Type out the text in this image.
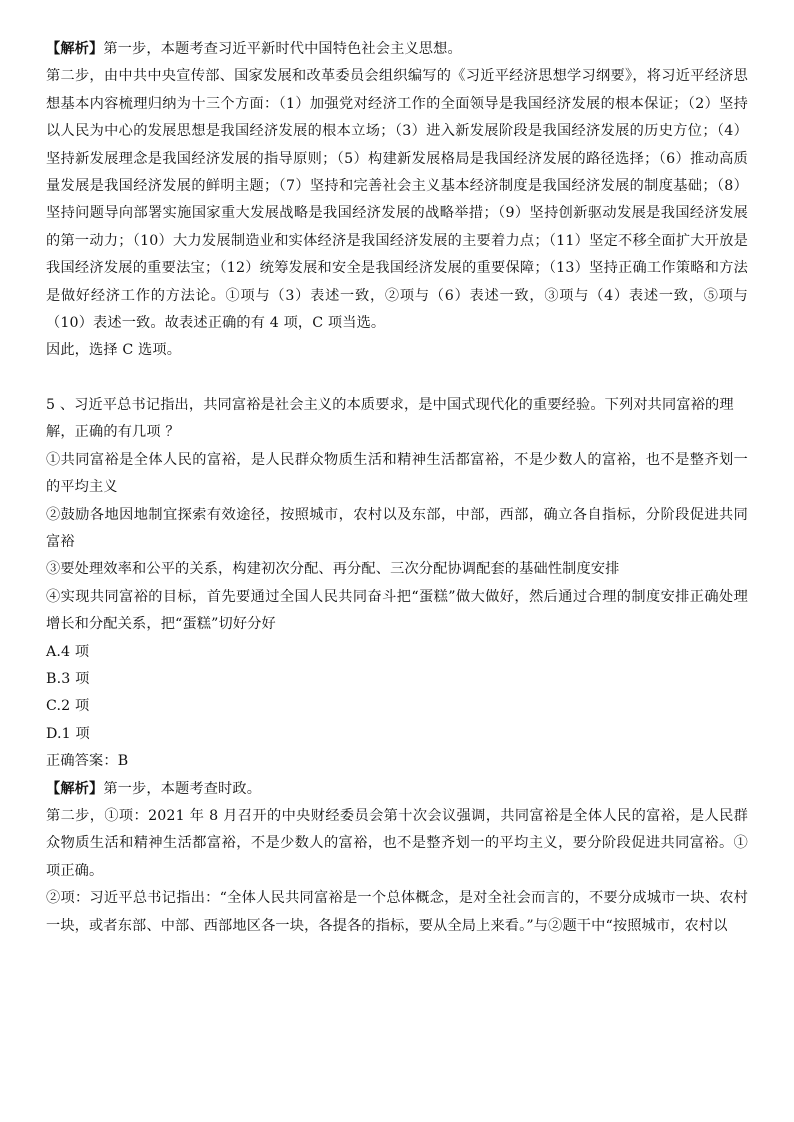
【解析】第一步，本题考查习近平新时代中国特色社会主义思想。

第二步，由中共中央宣传部、国家发展和改革委员会组织编写的《习近平经济思想学习纲要》，将习近平经济思想基本内容梳理归纳为十三个方面：（1）加强党对经济工作的全面领导是我国经济发展的根本保证；（2）坚持以人民为中心的发展思想是我国经济发展的根本立场；（3）进入新发展阶段是我国经济发展的历史方位；（4）坚持新发展理念是我国经济发展的指导原则；（5）构建新发展格局是我国经济发展的路径选择；（6）推动高质量发展是我国经济发展的鲜明主题；（7）坚持和完善社会主义基本经济制度是我国经济发展的制度基础；（8）坚持问题导向部署实施国家重大发展战略是我国经济发展的战略举措；（9）坚持创新驱动发展是我国经济发展的第一动力；（10）大力发展制造业和实体经济是我国经济发展的主要着力点；（11）坚定不移全面扩大开放是我国经济发展的重要法宝；（12）统筹发展和安全是我国经济发展的重要保障；（13）坚持正确工作策略和方法是做好经济工作的方法论。①项与（3）表述一致，②项与（6）表述一致，③项与（4）表述一致，⑤项与（10）表述一致。故表述正确的有 4 项，C 项当选。

因此，选择 C 选项。

5 、习近平总书记指出，共同富裕是社会主义的本质要求，是中国式现代化的重要经验。下列对共同富裕的理解，正确的有几项 ？

①共同富裕是全体人民的富裕，是人民群众物质生活和精神生活都富裕，不是少数人的富裕，也不是整齐划一的平均主义

②鼓励各地因地制宜探索有效途径，按照城市，农村以及东部，中部，西部，确立各自指标，分阶段促进共同富裕

③要处理效率和公平的关系，构建初次分配、再分配、三次分配协调配套的基础性制度安排

④实现共同富裕的目标，首先要通过全国人民共同奋斗把“蛋糕”做大做好，然后通过合理的制度安排正确处理增长和分配关系，把“蛋糕”切好分好

A.4 项

B.3 项

C.2 项

D.1 项

正确答案：B

【解析】第一步，本题考查时政。

第二步，①项：2021 年 8 月召开的中央财经委员会第十次会议强调，共同富裕是全体人民的富裕，是人民群众物质生活和精神生活都富裕，不是少数人的富裕，也不是整齐划一的平均主义，要分阶段促进共同富裕。①项正确。

②项：习近平总书记指出：“全体人民共同富裕是一个总体概念，是对全社会而言的，不要分成城市一块、农村一块，或者东部、中部、西部地区各一块，各提各的指标，要从全局上来看。”与②题干中“按照城市，农村以
